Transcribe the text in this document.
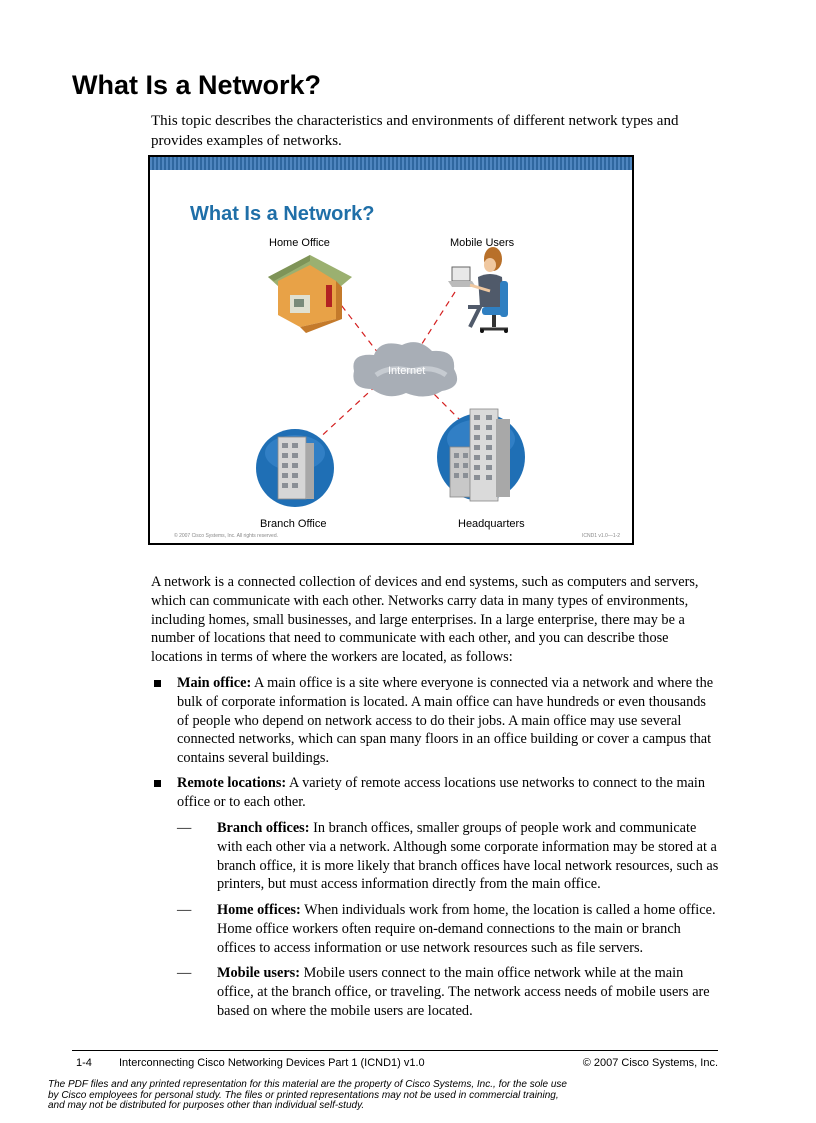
What Is a Network?

This topic describes the characteristics and environments of different network types and provides examples of networks.

What Is a Network?
Home Office	Mobile Users
Internet
Branch Office	Headquarters
© 2007 Cisco Systems, Inc. All rights reserved.	ICND1 v1.0—1-2

A network is a connected collection of devices and end systems, such as computers and servers, which can communicate with each other. Networks carry data in many types of environments, including homes, small businesses, and large enterprises. In a large enterprise, there may be a number of locations that need to communicate with each other, and you can describe those locations in terms of where the workers are located, as follows:

Main office: A main office is a site where everyone is connected via a network and where the bulk of corporate information is located. A main office can have hundreds or even thousands of people who depend on network access to do their jobs. A main office may use several connected networks, which can span many floors in an office building or cover a campus that contains several buildings.
Remote locations: A variety of remote access locations use networks to connect to the main office or to each other.
— Branch offices: In branch offices, smaller groups of people work and communicate with each other via a network. Although some corporate information may be stored at a branch office, it is more likely that branch offices have local network resources, such as printers, but must access information directly from the main office.
— Home offices: When individuals work from home, the location is called a home office. Home office workers often require on-demand connections to the main or branch offices to access information or use network resources such as file servers.
— Mobile users: Mobile users connect to the main office network while at the main office, at the branch office, or traveling. The network access needs of mobile users are based on where the mobile users are located.
1-4 Interconnecting Cisco Networking Devices Part 1 (ICND1) v1.0	© 2007 Cisco Systems, Inc.

The PDF files and any printed representation for this material are the property of Cisco Systems, Inc., for the sole use by Cisco employees for personal study. The files or printed representations may not be used in commercial training, and may not be distributed for purposes other than individual self-study.
